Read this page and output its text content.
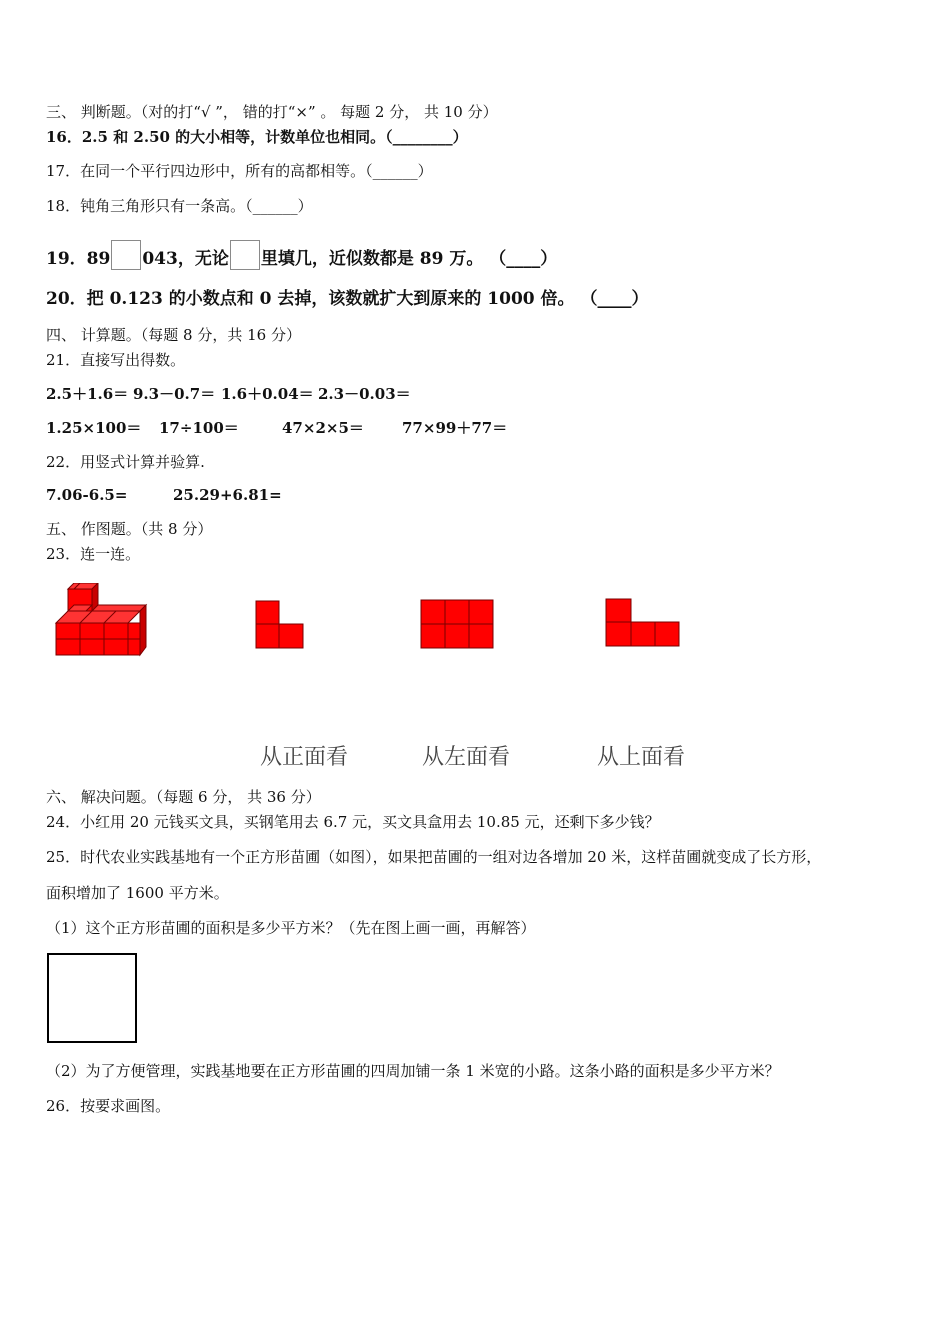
三、 判断题。（对的打“√ ”， 错的打“×” 。 每题 2 分， 共 10 分）
16．2.5 和 2.50 的大小相等，计数单位也相同。（________）
17．在同一个平行四边形中，所有的高都相等。（______）
18．钝角三角形只有一条高。（______）
19．89 043，无论 里填几，近似数都是 89 万。 （____）
20．把 0.123 的小数点和 0 去掉，该数就扩大到原来的 1000 倍。 （____）
四、 计算题。（每题 8 分，共 16 分）
21．直接写出得数。
2.5＋1.6＝ 9.3－0.7＝ 1.6＋0.04＝ 2.3－0.03＝
1.25×100＝ 17÷100＝	47×2×5＝	77×99＋77＝
22．用竖式计算并验算.
7.06-6.5=	25.29+6.81=
五、 作图题。（共 8 分）
23．连一连。
从正面看	从左面看	从上面看
六、 解决问题。（每题 6 分， 共 36 分）
24．小红用 20 元钱买文具，买钢笔用去 6.7 元，买文具盒用去 10.85 元，还剩下多少钱？
25．时代农业实践基地有一个正方形苗圃（如图），如果把苗圃的一组对边各增加 20 米，这样苗圃就变成了长方形，
面积增加了 1600 平方米。
（1）这个正方形苗圃的面积是多少平方米？（先在图上画一画，再解答）
（2）为了方便管理，实践基地要在正方形苗圃的四周加铺一条 1 米宽的小路。这条小路的面积是多少平方米？
26．按要求画图。
